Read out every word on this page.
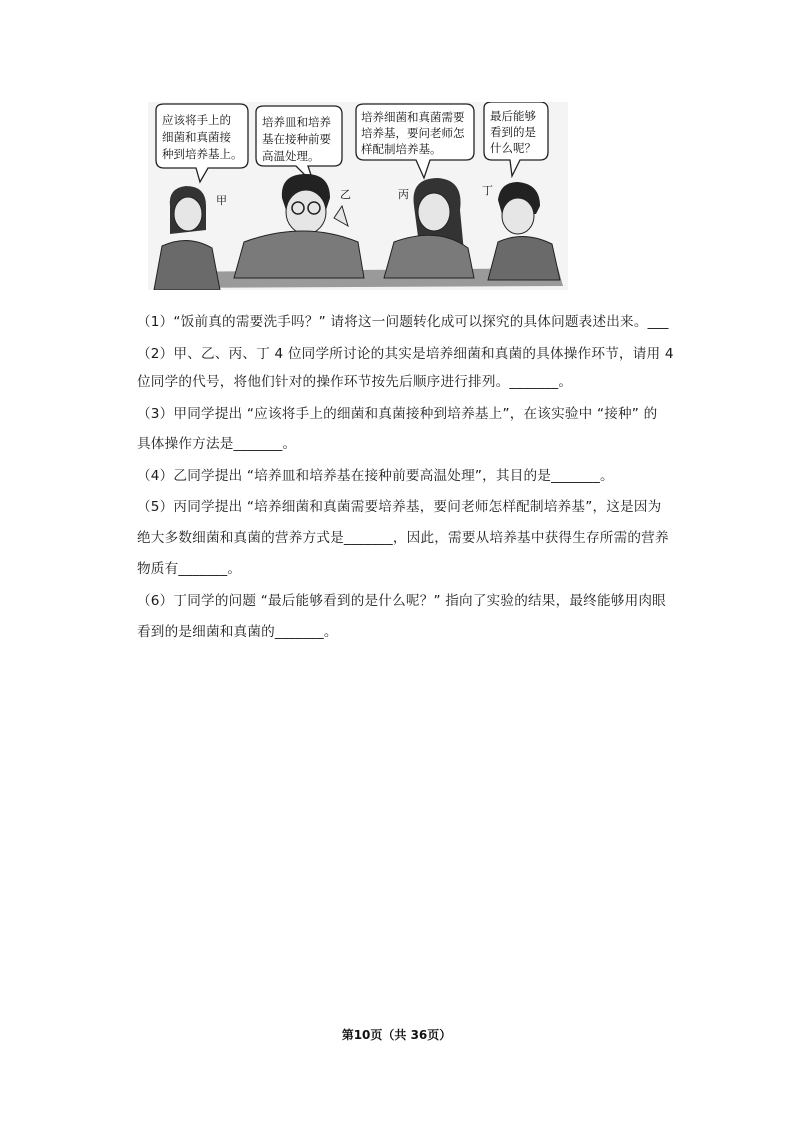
应该将手上的
细菌和真菌接
种到培养基上。
培养皿和培养
基在接种前要
高温处理。
培养细菌和真菌需要
培养基，要问老师怎
样配制培养基。
最后能够
看到的是
什么呢？
甲	乙	丙	丁
（1）“饭前真的需要洗手吗？” 请将这一问题转化成可以探究的具体问题表述出来。___
（2）甲、乙、丙、丁 4 位同学所讨论的其实是培养细菌和真菌的具体操作环节，请用 4
位同学的代号，将他们针对的操作环节按先后顺序进行排列。_______。
（3）甲同学提出 “应该将手上的细菌和真菌接种到培养基上”，在该实验中 “接种” 的
具体操作方法是_______。
（4）乙同学提出 “培养皿和培养基在接种前要高温处理”，其目的是_______。
（5）丙同学提出 “培养细菌和真菌需要培养基，要问老师怎样配制培养基”，这是因为
绝大多数细菌和真菌的营养方式是_______，因此，需要从培养基中获得生存所需的营养
物质有_______。
（6）丁同学的问题 “最后能够看到的是什么呢？” 指向了实验的结果，最终能够用肉眼
看到的是细菌和真菌的_______。
第10页（共 36页）
